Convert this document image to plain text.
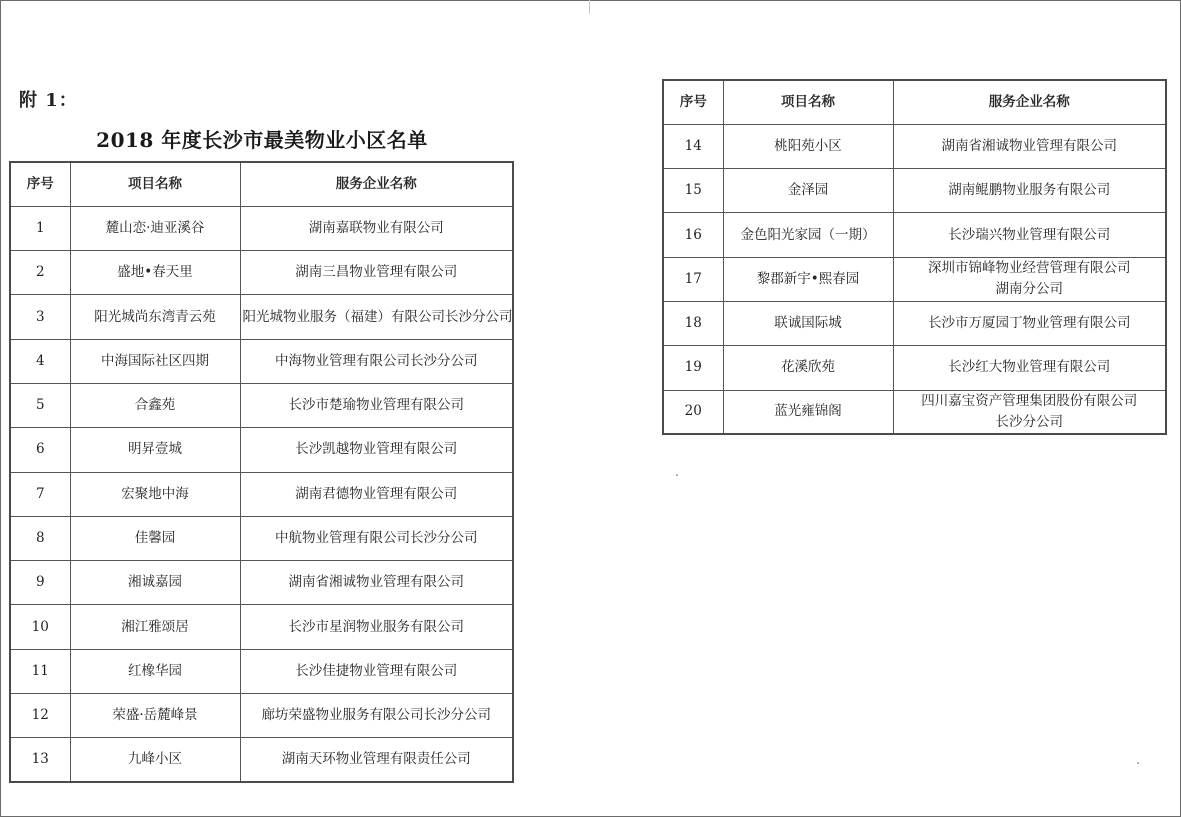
附 1：
2018 年度长沙市最美物业小区名单
序号	项目名称	服务企业名称
1	麓山恋·迪亚溪谷	湖南嘉联物业有限公司
2	盛地•春天里	湖南三昌物业管理有限公司
3	阳光城尚东湾青云苑	阳光城物业服务（福建）有限公司长沙分公司
4	中海国际社区四期	中海物业管理有限公司长沙分公司
5	合鑫苑	长沙市楚瑜物业管理有限公司
6	明昇壹城	长沙凯越物业管理有限公司
7	宏聚地中海	湖南君德物业管理有限公司
8	佳馨园	中航物业管理有限公司长沙分公司
9	湘诚嘉园	湖南省湘诚物业管理有限公司
10	湘江雅颂居	长沙市星润物业服务有限公司
11	红橡华园	长沙佳捷物业管理有限公司
12	荣盛·岳麓峰景	廊坊荣盛物业服务有限公司长沙分公司
13	九峰小区	湖南天环物业管理有限责任公司
序号	项目名称	服务企业名称
14	桃阳苑小区	湖南省湘诚物业管理有限公司
15	金泽园	湖南鲲鹏物业服务有限公司
16	金色阳光家园（一期）	长沙瑞兴物业管理有限公司
17	黎郡新宇•熙春园	深圳市锦峰物业经营管理有限公司
湖南分公司

18	联诚国际城	长沙市万厦园丁物业管理有限公司
19	花溪欣苑	长沙红大物业管理有限公司
20	蓝光雍锦阁	四川嘉宝资产管理集团股份有限公司
长沙分公司
